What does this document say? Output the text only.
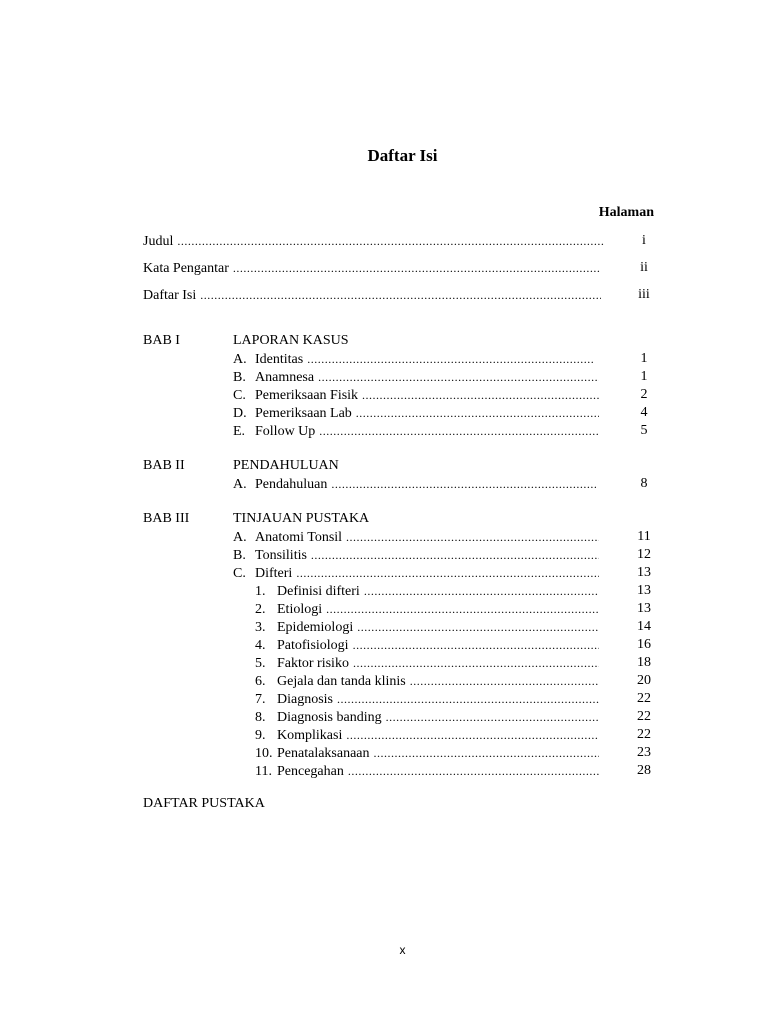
Daftar Isi
Halaman
Judul .....	i
Kata Pengantar .....	ii
Daftar Isi .....	iii
BAB I	LAPORAN KASUS
A. Identitas .....	1
B. Anamnesa .....	1
C. Pemeriksaan Fisik .....	2
D. Pemeriksaan Lab .....	4
E. Follow Up .....	5
BAB II	PENDAHULUAN
A. Pendahuluan .....	8
BAB III	TINJAUAN PUSTAKA
A. Anatomi Tonsil .....	11
B. Tonsilitis .....	12
C. Difteri .....	13
1. Definisi difteri .....	13
2. Etiologi .....	13
3. Epidemiologi .....	14
4. Patofisiologi .....	16
5. Faktor risiko .....	18
6. Gejala dan tanda klinis .....	20
7. Diagnosis .....	22
8. Diagnosis banding .....	22
9. Komplikasi .....	22
10. Penatalaksanaan .....	23
11. Pencegahan .....	28
DAFTAR PUSTAKA
x
